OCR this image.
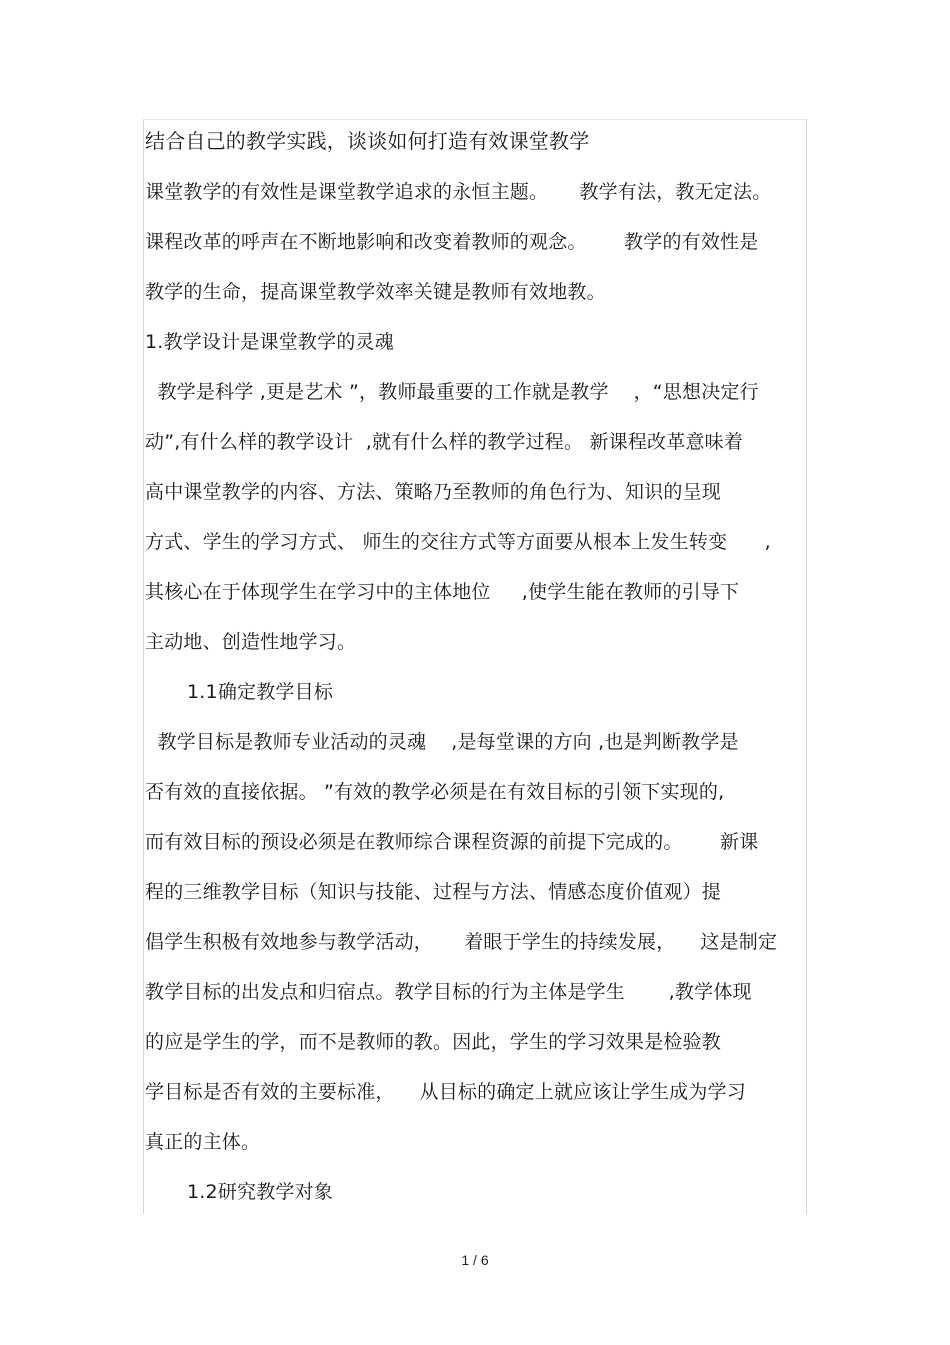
结合自己的教学实践，谈谈如何打造有效课堂教学
课堂教学的有效性是课堂教学追求的永恒主题。     教学有法，教无定法。
课程改革的呼声在不断地影响和改变着教师的观念。      教学的有效性是
教学的生命，提高课堂教学效率关键是教师有效地教。
1.教学设计是课堂教学的灵魂
教学是科学 ,更是艺术 ”，教师最重要的工作就是教学    ，“思想决定行
动”,有什么样的教学设计  ,就有什么样的教学过程。 新课程改革意味着
高中课堂教学的内容、方法、策略乃至教师的角色行为、知识的呈现
方式、学生的学习方式、 师生的交往方式等方面要从根本上发生转变      ,
其核心在于体现学生在学习中的主体地位     ,使学生能在教师的引导下
主动地、创造性地学习。
1.1确定教学目标
教学目标是教师专业活动的灵魂    ,是每堂课的方向 ,也是判断教学是
否有效的直接依据。 ”有效的教学必须是在有效目标的引领下实现的,
而有效目标的预设必须是在教师综合课程资源的前提下完成的。      新课
程的三维教学目标（知识与技能、过程与方法、情感态度价值观）提
倡学生积极有效地参与教学活动，     着眼于学生的持续发展，    这是制定
教学目标的出发点和归宿点。教学目标的行为主体是学生       ,教学体现
的应是学生的学，而不是教师的教。因此，学生的学习效果是检验教
学目标是否有效的主要标准，    从目标的确定上就应该让学生成为学习
真正的主体。
1.2研究教学对象
1 / 6
